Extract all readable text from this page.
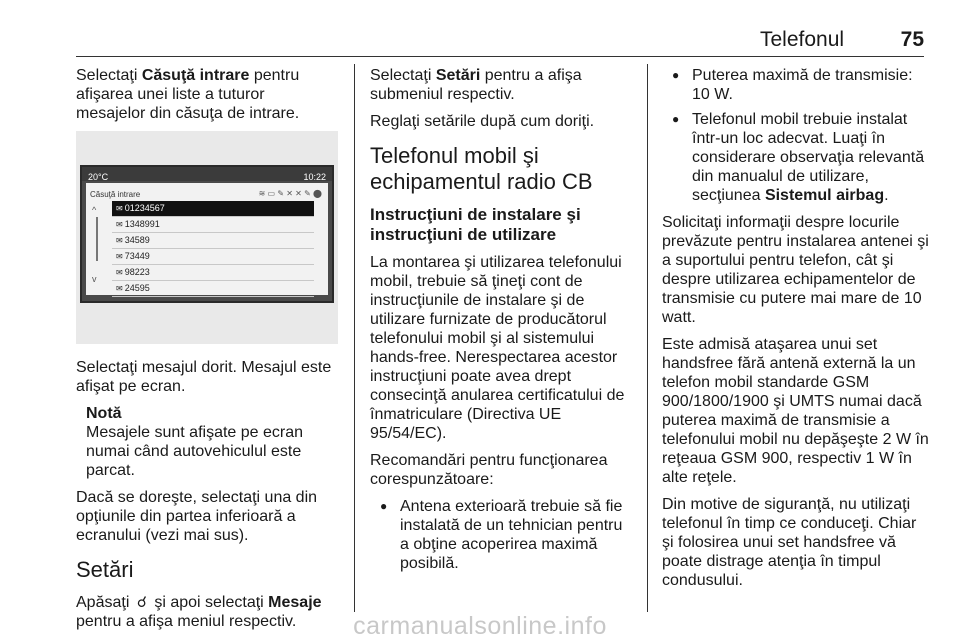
Telefonul	75

Selectaţi Căsuţă intrare pentru afişarea unei liste a tuturor mesajelor din căsuţa de intrare.

20°C	10:22
Căsuţă intrare	≋ ▭ ✎ ✕ ✕ ✎ ⬤
^
v
✉ 01234567
✉ 1348991
✉ 34589
✉ 73449
✉ 98223
✉ 24595

Selectaţi mesajul dorit. Mesajul este afişat pe ecran.

Notă
Mesajele sunt afişate pe ecran numai când autovehiculul este parcat.

Dacă se doreşte, selectaţi una din opţiunile din partea inferioară a ecranului (vezi mai sus).

Setări

Apăsaţi ☌ şi apoi selectaţi Mesaje pentru a afişa meniul respectiv.

Selectaţi Setări pentru a afişa submeniul respectiv.

Reglaţi setările după cum doriţi.

Telefonul mobil şi echipamentul radio CB
Instrucţiuni de instalare şi instrucţiuni de utilizare

La montarea şi utilizarea telefonului mobil, trebuie să ţineţi cont de instrucţiunile de instalare şi de utilizare furnizate de producătorul telefonului mobil şi al sistemului hands-free. Nerespectarea acestor instrucţiuni poate avea drept consecinţă anularea certificatului de înmatriculare (Directiva UE 95/54/EC).

Recomandări pentru funcţionarea corespunzătoare:

● Antena exterioară trebuie să fie instalată de un tehnician pentru a obţine acoperirea maximă posibilă.
● Puterea maximă de transmisie: 10 W.
● Telefonul mobil trebuie instalat într-un loc adecvat. Luaţi în considerare observaţia relevantă din manualul de utilizare, secţiunea Sistemul airbag.

Solicitaţi informaţii despre locurile prevăzute pentru instalarea antenei şi a suportului pentru telefon, cât şi despre utilizarea echipamentelor de transmisie cu putere mai mare de 10 watt.

Este admisă ataşarea unui set handsfree fără antenă externă la un telefon mobil standarde GSM 900/1800/1900 şi UMTS numai dacă puterea maximă de transmisie a telefonului mobil nu depăşeşte 2 W în reţeaua GSM 900, respectiv 1 W în alte reţele.

Din motive de siguranţă, nu utilizaţi telefonul în timp ce conduceţi. Chiar şi folosirea unui set handsfree vă poate distrage atenţia în timpul condusului.

carmanualsonline.info
